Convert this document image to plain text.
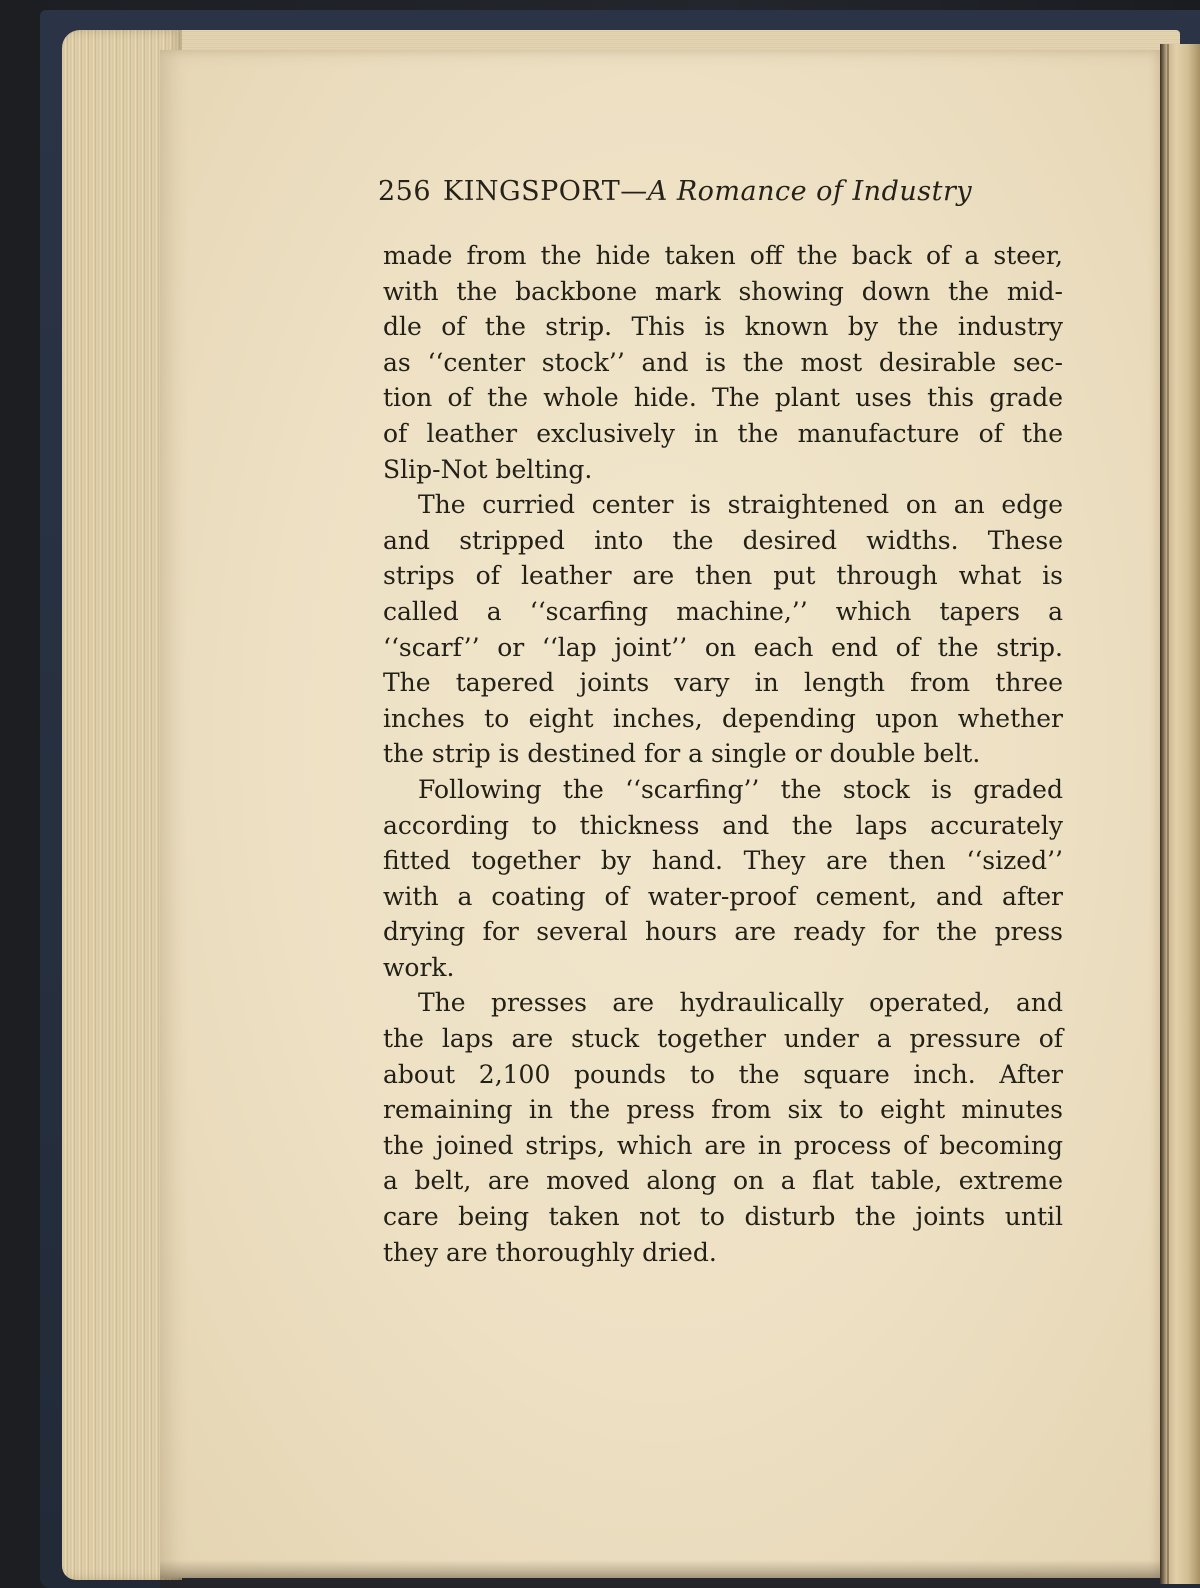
256 KINGSPORT—A Romance of Industry
made from the hide taken off the back of a steer,
with the backbone mark showing down the mid-
dle of the strip. This is known by the industry
as ‘‘center stock’’ and is the most desirable sec-
tion of the whole hide. The plant uses this grade
of leather exclusively in the manufacture of the
Slip-Not belting.
The curried center is straightened on an edge
and stripped into the desired widths. These
strips of leather are then put through what is
called a ‘‘scarfing machine,’’ which tapers a
‘‘scarf’’ or ‘‘lap joint’’ on each end of the strip.
The tapered joints vary in length from three
inches to eight inches, depending upon whether
the strip is destined for a single or double belt.
Following the ‘‘scarfing’’ the stock is graded
according to thickness and the laps accurately
fitted together by hand. They are then ‘‘sized’’
with a coating of water-proof cement, and after
drying for several hours are ready for the press
work.
The presses are hydraulically operated, and
the laps are stuck together under a pressure of
about 2,100 pounds to the square inch. After
remaining in the press from six to eight minutes
the joined strips, which are in process of becoming
a belt, are moved along on a flat table, extreme
care being taken not to disturb the joints until
they are thoroughly dried.
